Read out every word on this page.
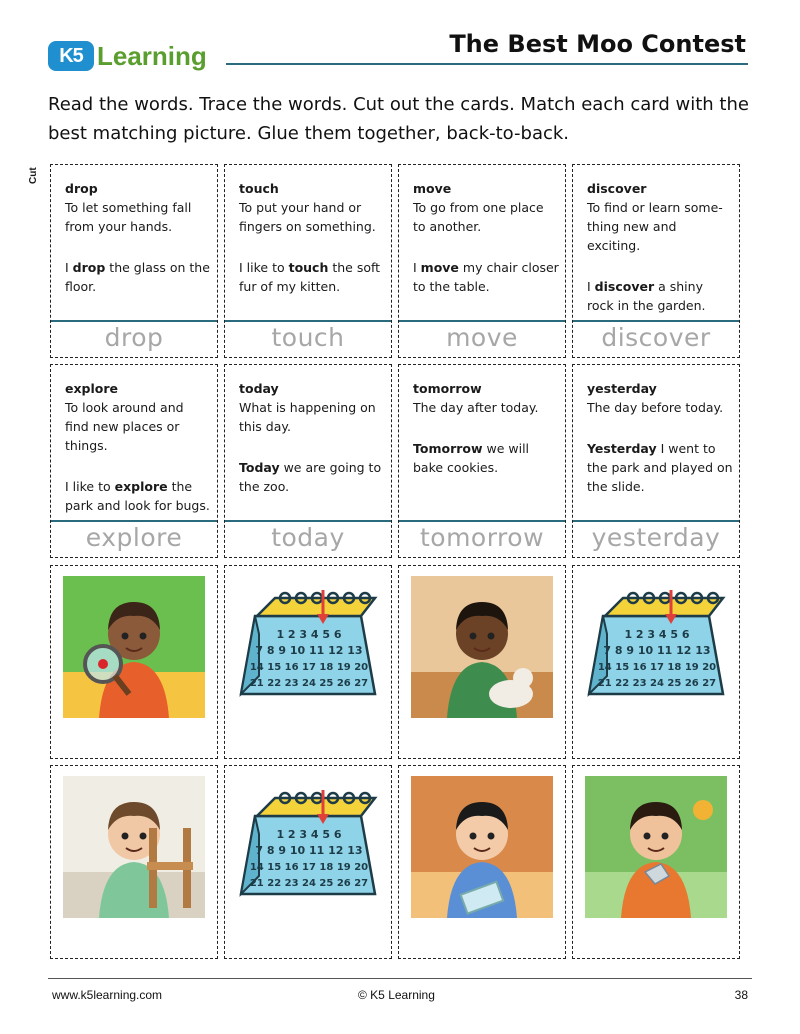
K5 Learning	The Best Moo Contest
Read the words. Trace the words. Cut out the cards. Match each card with the best matching picture. Glue them together, back-to-back.
Cut
drop
To let something fall from your hands.
I drop the glass on the floor.
drop
touch
To put your hand or fingers on something.
I like to touch the soft fur of my kitten.
touch
move
To go from one place to another.
I move my chair closer to the table.
move
discover
To find or learn some-thing new and exciting.
I discover a shiny rock in the garden.
discover
explore
To look around and find new places or things.
I like to explore the park and look for bugs.
explore
today
What is happening on this day.
Today we are going to the zoo.
today
tomorrow
The day after today.
Tomorrow we will bake cookies.
tomorrow
yesterday
The day before today.
Yesterday I went to the park and played on the slide.
yesterday
1 2 3 4 5 6
7 8 9 10 11 12 13
14 15 16 17 18 19 20
21 22 23 24 25 26 27
1 2 3 4 5 6
7 8 9 10 11 12 13
14 15 16 17 18 19 20
21 22 23 24 25 26 27
1 2 3 4 5 6
7 8 9 10 11 12 13
14 15 16 17 18 19 20
21 22 23 24 25 26 27
www.k5learning.com	© K5 Learning	38
